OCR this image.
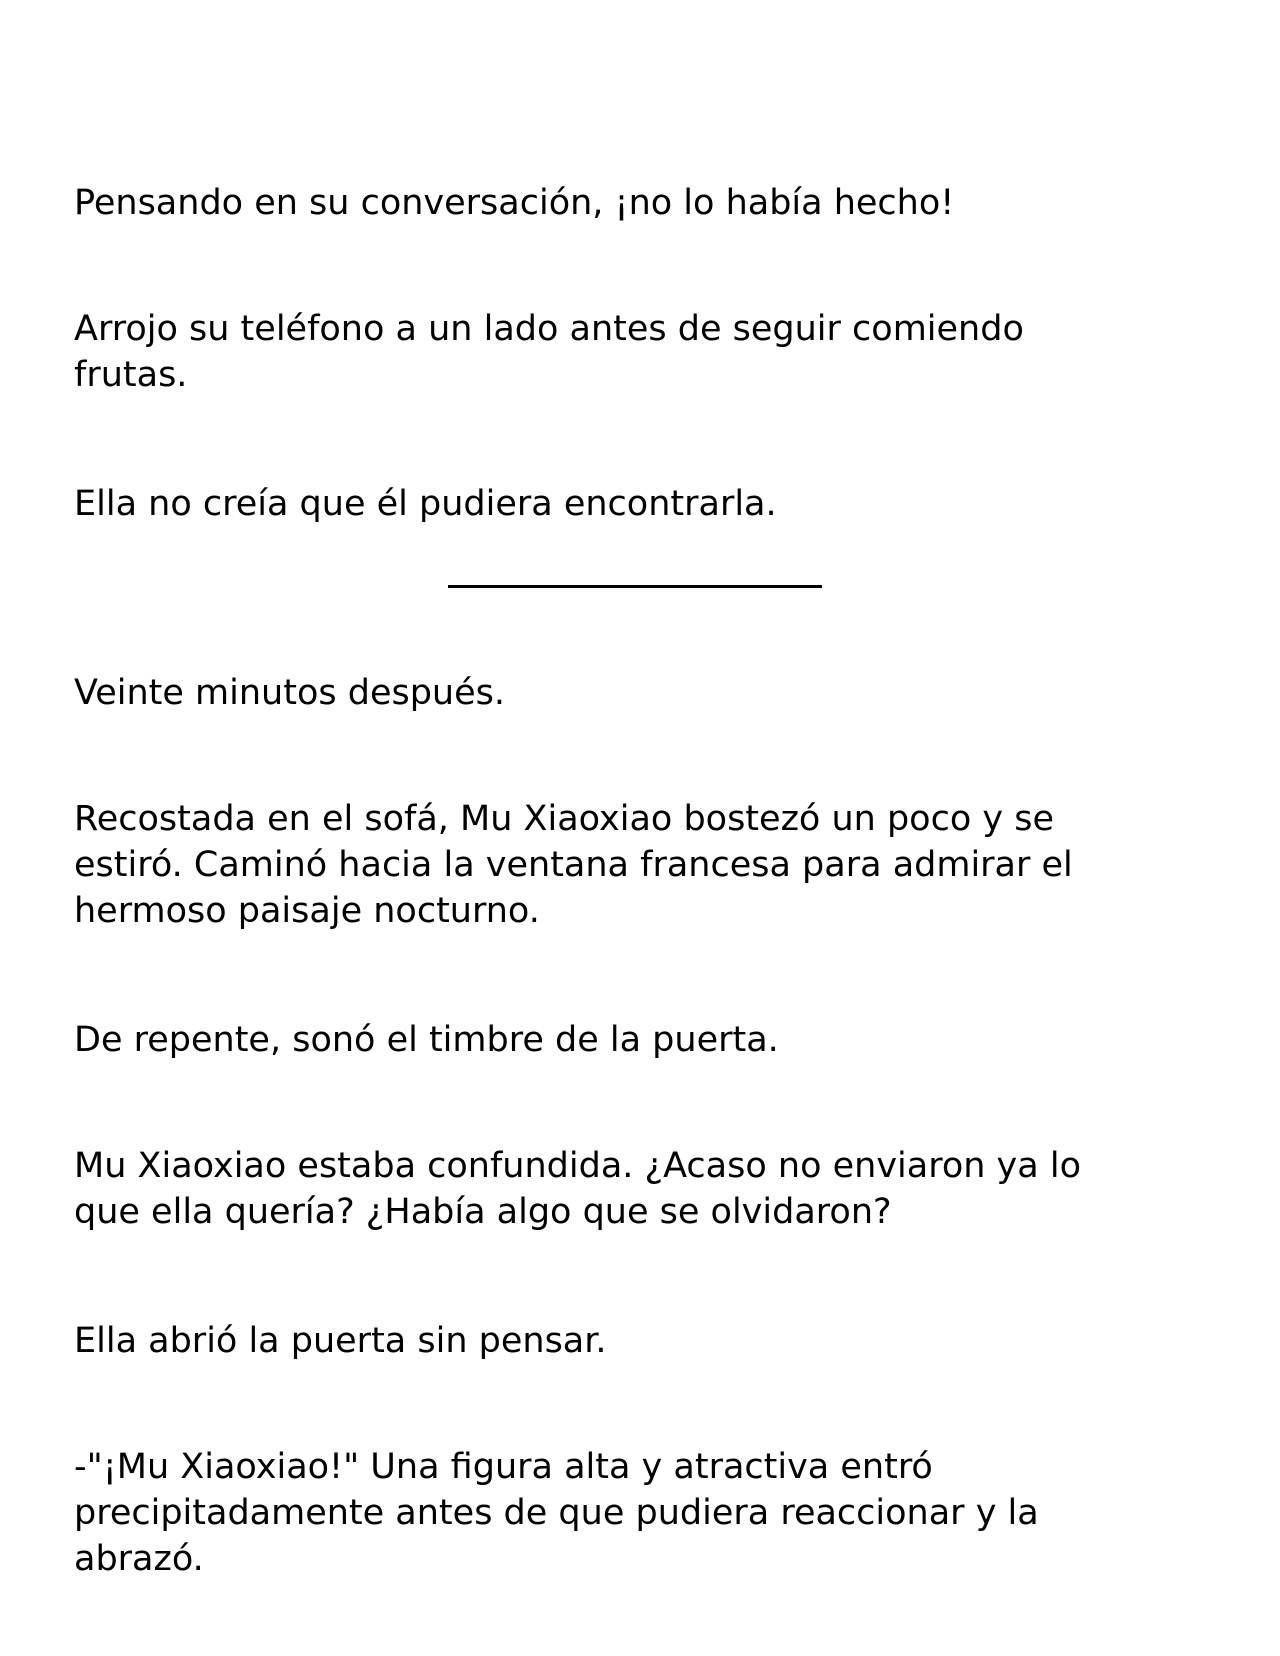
Pensando en su conversación, ¡no lo había hecho!

Arrojo su teléfono a un lado antes de seguir comiendo
frutas.

Ella no creía que él pudiera encontrarla.

Veinte minutos después.

Recostada en el sofá, Mu Xiaoxiao bostezó un poco y se
estiró. Caminó hacia la ventana francesa para admirar el
hermoso paisaje nocturno.

De repente, sonó el timbre de la puerta.

Mu Xiaoxiao estaba confundida. ¿Acaso no enviaron ya lo
que ella quería? ¿Había algo que se olvidaron?

Ella abrió la puerta sin pensar.

-"¡Mu Xiaoxiao!" Una figura alta y atractiva entró
precipitadamente antes de que pudiera reaccionar y la
abrazó.
